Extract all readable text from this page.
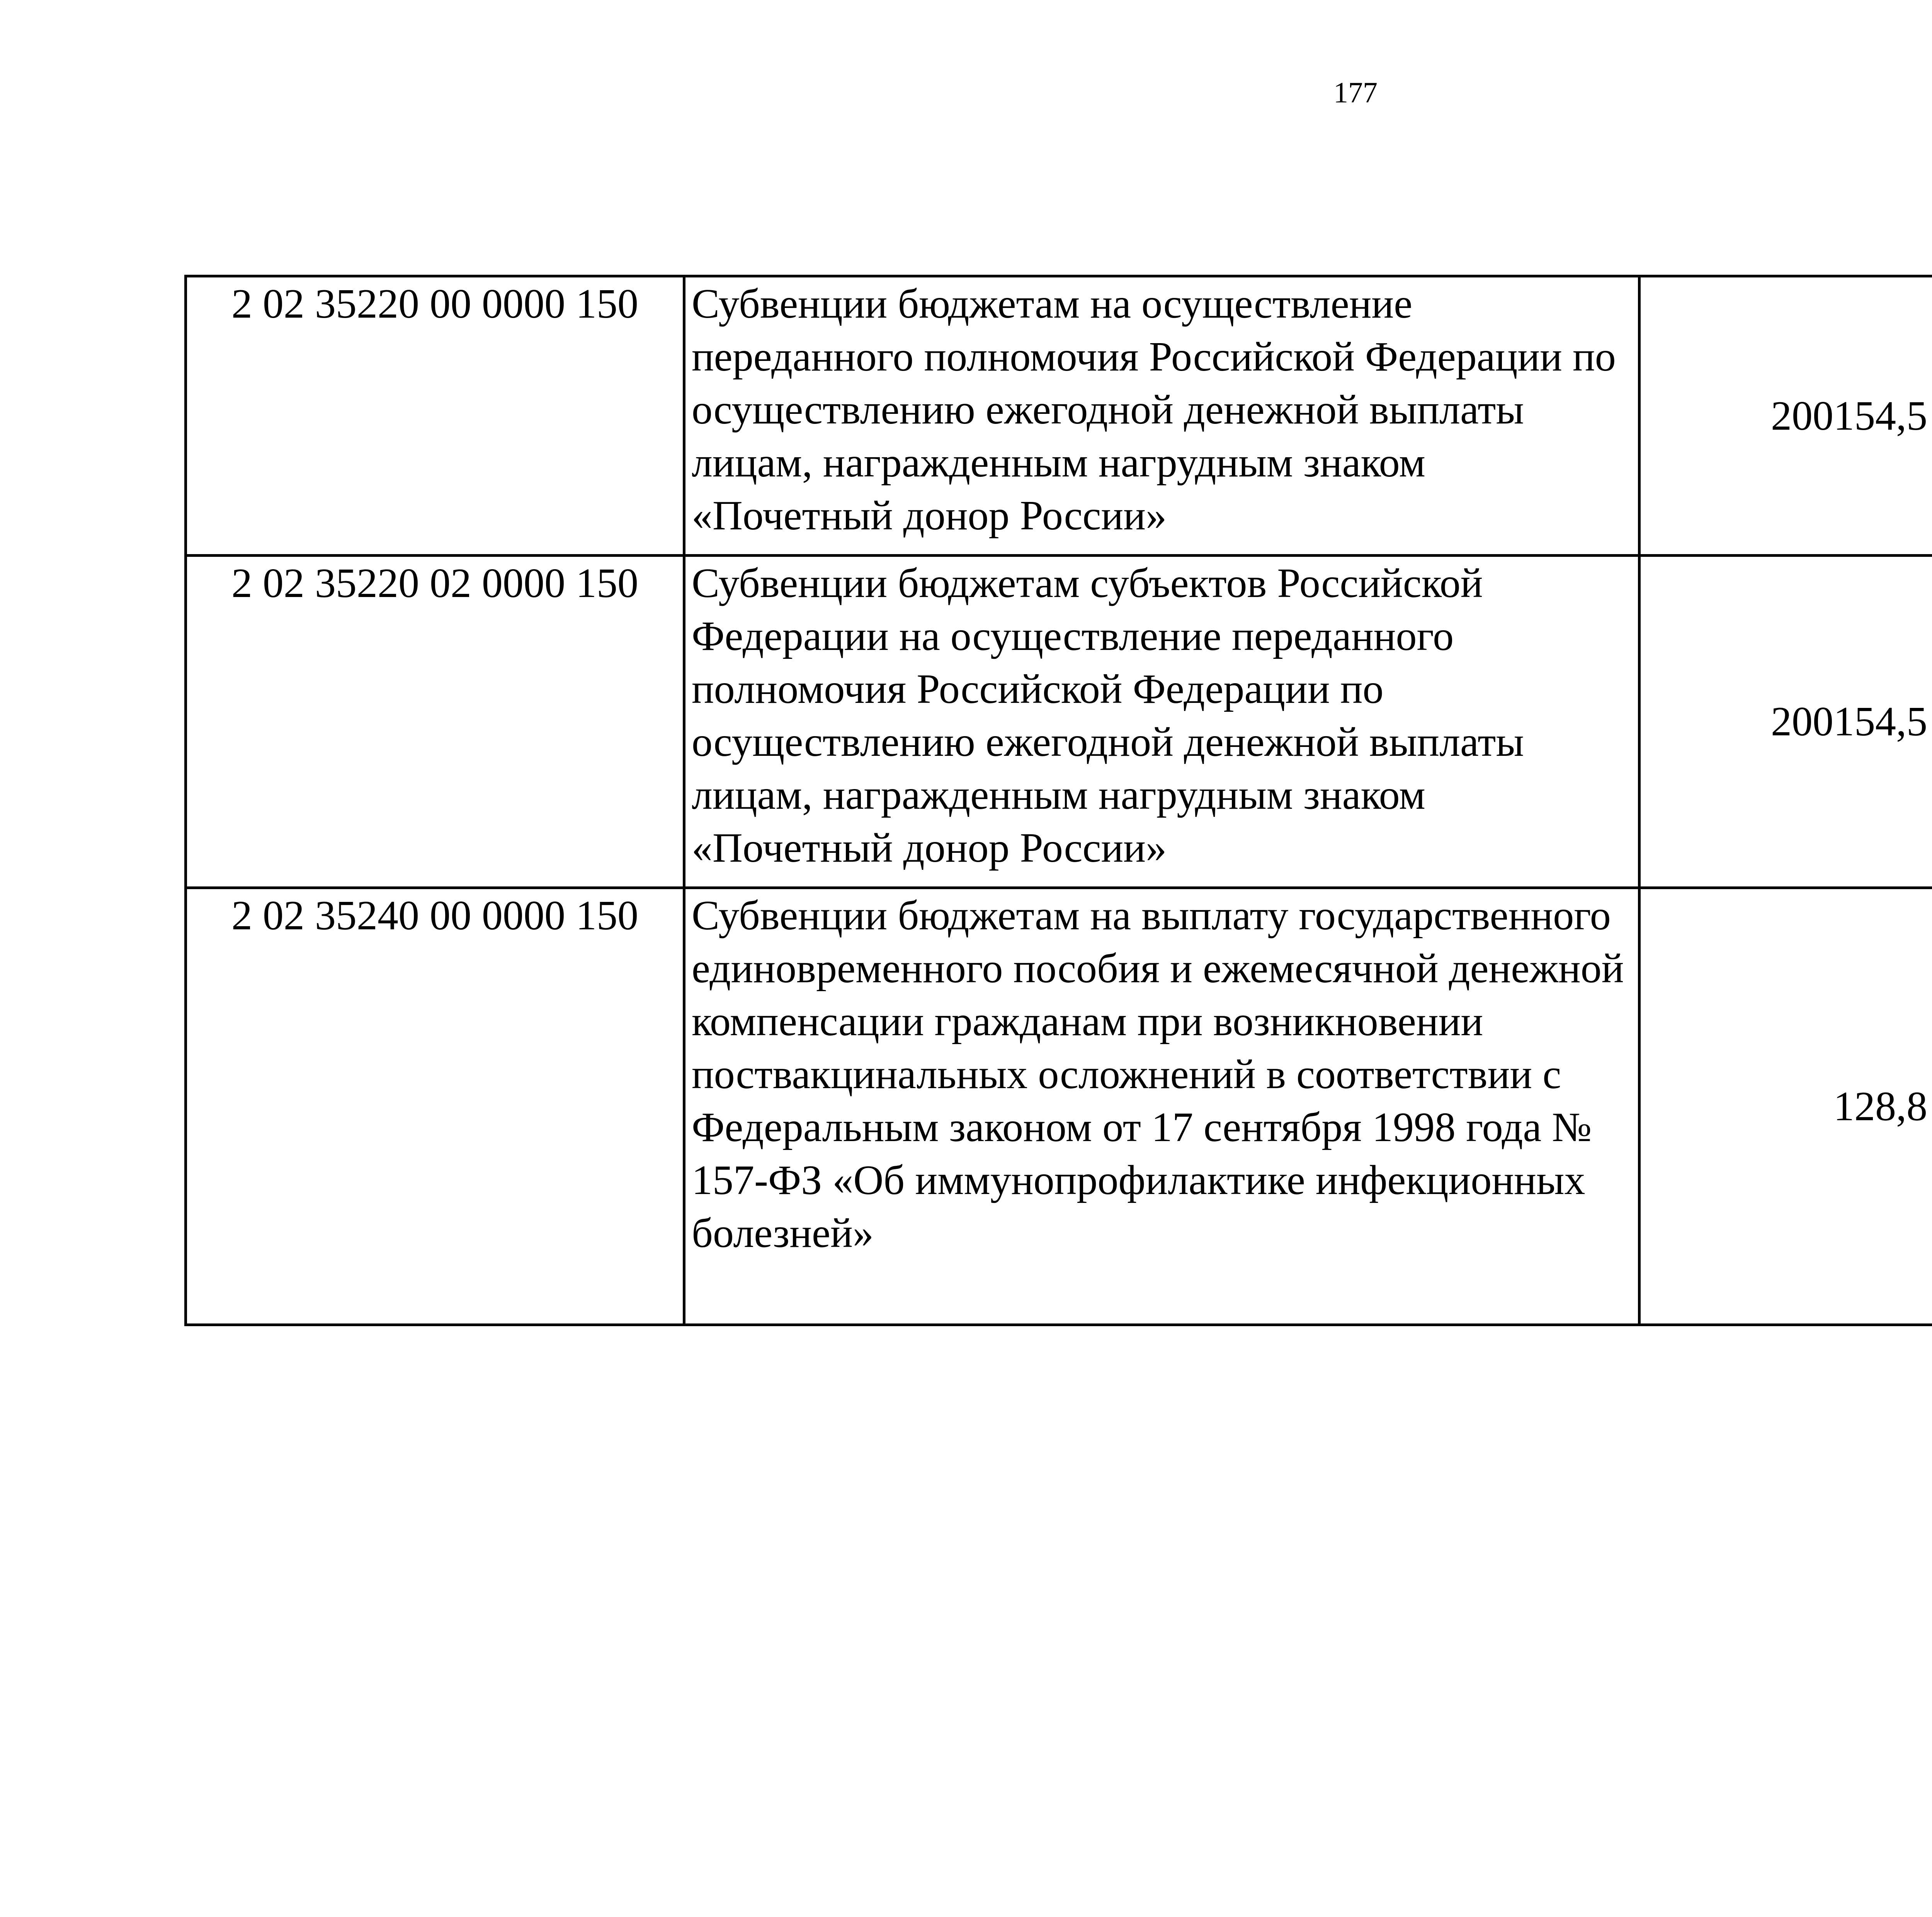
177
2 02 35220 00 0000 150	Субвенции бюджетам на осуществление переданного полномочия Российской Федерации по осуществлению ежегодной денежной выплаты лицам, награжденным нагрудным знаком «Почетный донор России»	200154,5		
2 02 35220 02 0000 150	Субвенции бюджетам субъектов Российской Федерации на осуществление переданного полномочия Российской Федерации по осуществлению ежегодной денежной выплаты лицам, награжденным нагрудным знаком «Почетный донор России»	200154,5		
2 02 35240 00 0000 150	Субвенции бюджетам на выплату государственного единовременного пособия и ежемесячной денежной компенсации гражданам при возникновении поствакцинальных осложнений в соответствии с Федеральным законом от 17 сентября 1998 года № 157-ФЗ «Об иммунопрофилактике инфекционных болезней»	128,8		
